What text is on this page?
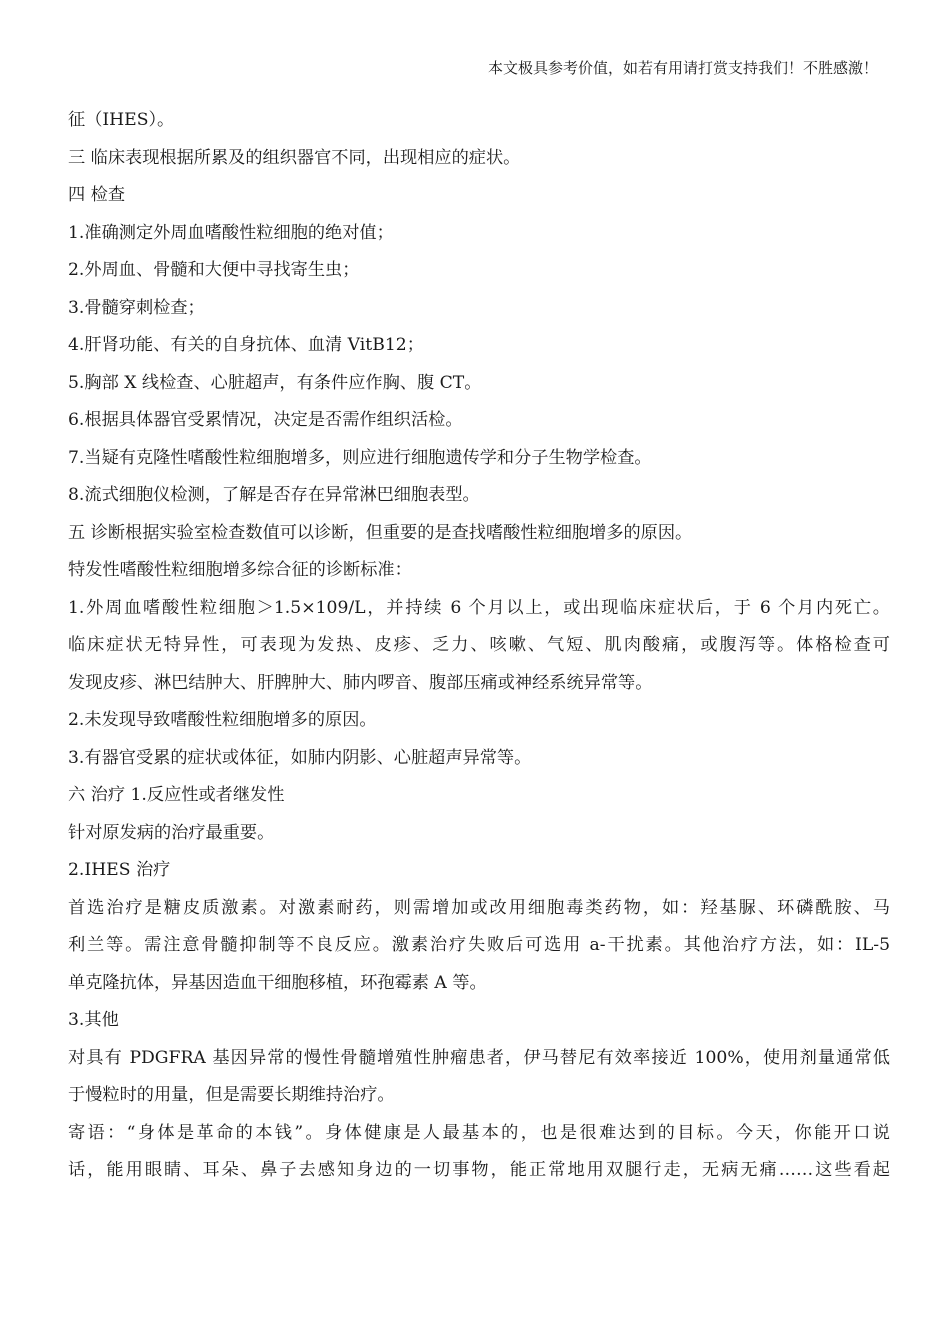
本文极具参考价值，如若有用请打赏支持我们！不胜感激！
征（IHES）。
三 临床表现根据所累及的组织器官不同，出现相应的症状。
四 检查
1.准确测定外周血嗜酸性粒细胞的绝对值；
2.外周血、骨髓和大便中寻找寄生虫；
3.骨髓穿刺检查；
4.肝肾功能、有关的自身抗体、血清 VitB12；
5.胸部 X 线检查、心脏超声，有条件应作胸、腹 CT。
6.根据具体器官受累情况，决定是否需作组织活检。
7.当疑有克隆性嗜酸性粒细胞增多，则应进行细胞遗传学和分子生物学检查。
8.流式细胞仪检测，了解是否存在异常淋巴细胞表型。
五 诊断根据实验室检查数值可以诊断，但重要的是查找嗜酸性粒细胞增多的原因。
特发性嗜酸性粒细胞增多综合征的诊断标准：
1.外周血嗜酸性粒细胞＞1.5×109/L，并持续 6 个月以上，或出现临床症状后，于 6 个月内死亡。
临床症状无特异性，可表现为发热、皮疹、乏力、咳嗽、气短、肌肉酸痛，或腹泻等。体格检查可
发现皮疹、淋巴结肿大、肝脾肿大、肺内啰音、腹部压痛或神经系统异常等。
2.未发现导致嗜酸性粒细胞增多的原因。
3.有器官受累的症状或体征，如肺内阴影、心脏超声异常等。
六 治疗 1.反应性或者继发性
针对原发病的治疗最重要。
2.IHES 治疗
首选治疗是糖皮质激素。对激素耐药，则需增加或改用细胞毒类药物，如：羟基脲、环磷酰胺、马
利兰等。需注意骨髓抑制等不良反应。激素治疗失败后可选用 a-干扰素。其他治疗方法，如：IL-5
单克隆抗体，异基因造血干细胞移植，环孢霉素 A 等。
3.其他
对具有 PDGFRA 基因异常的慢性骨髓增殖性肿瘤患者，伊马替尼有效率接近 100%，使用剂量通常低
于慢粒时的用量，但是需要长期维持治疗。
寄语：“身体是革命的本钱”。身体健康是人最基本的，也是很难达到的目标。今天，你能开口说
话，能用眼睛、耳朵、鼻子去感知身边的一切事物，能正常地用双腿行走，无病无痛……这些看起
